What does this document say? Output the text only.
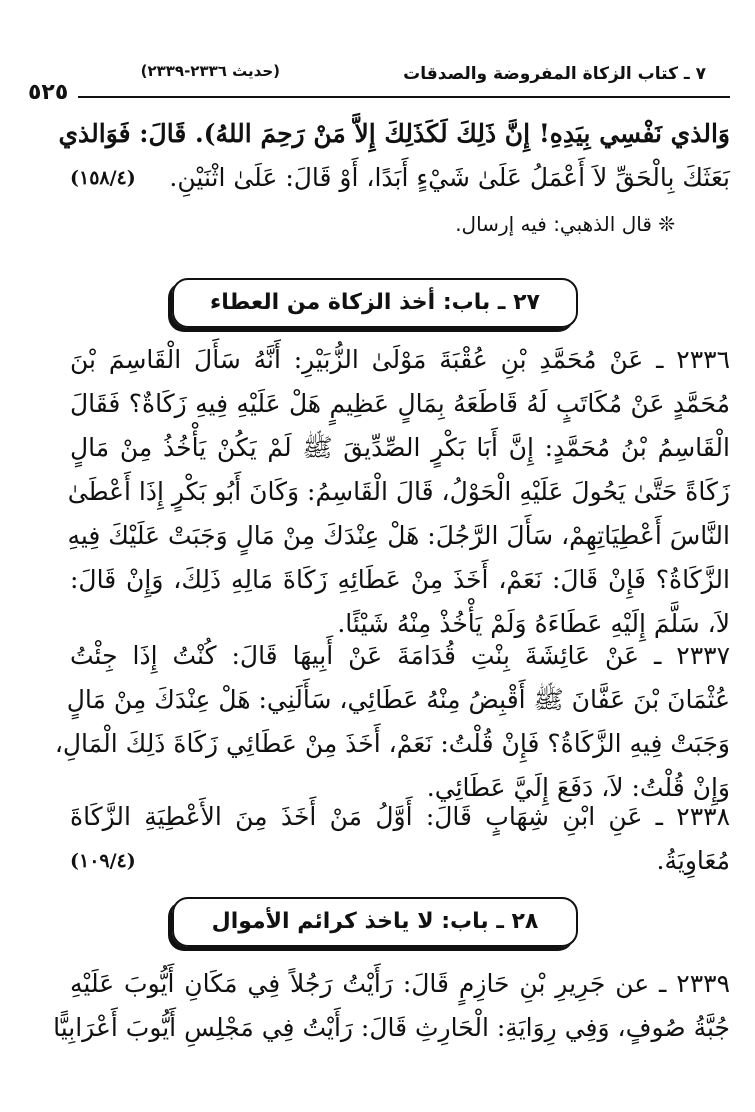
٧ ـ كتاب الزكاة المفروضة والصدقات
(حديث ٢٣٣٦-٢٣٣٩)
٥٢٥
وَالذي نَفْسِي بِيَدِهِ! إِنَّ ذَلِكَ لَكَذَلِكَ إِلاَّ مَنْ رَحِمَ اللهُ). قَالَ: فَوَالذي
بَعَثَكَ بِالْحَقِّ لاَ أَعْمَلُ عَلَىٰ شَيْءٍ أَبَدًا، أَوْ قَالَ: عَلَىٰ اثْنَيْنِ.
(١٥٨/٤)
❊ قال الذهبي: فيه إرسال.
٢٧ ـ باب: أخذ الزكاة من العطاء
٢٣٣٦ ـ عَنْ مُحَمَّدِ بْنِ عُقْبَةَ مَوْلَىٰ الزُّبَيْرِ: أَنَّهُ سَأَلَ الْقَاسِمَ بْنَ
مُحَمَّدٍ عَنْ مُكَاتَبٍ لَهُ قَاطَعَهُ بِمَالٍ عَظِيمٍ هَلْ عَلَيْهِ فِيهِ زَكَاةٌ؟ فَقَالَ
الْقَاسِمُ بْنُ مُحَمَّدٍ: إِنَّ أَبَا بَكْرٍ الصِّدِّيقَ ﷺ لَمْ يَكُنْ يَأْخُذُ مِنْ مَالٍ
زَكَاةً حَتَّىٰ يَحُولَ عَلَيْهِ الْحَوْلُ، قَالَ الْقَاسِمُ: وَكَانَ أَبُو بَكْرٍ إِذَا أَعْطَىٰ
النَّاسَ أَعْطِيَاتِهِمْ، سَأَلَ الرَّجُلَ: هَلْ عِنْدَكَ مِنْ مَالٍ وَجَبَتْ عَلَيْكَ فِيهِ
الزَّكَاةُ؟ فَإِنْ قَالَ: نَعَمْ، أَخَذَ مِنْ عَطَائِهِ زَكَاةَ مَالِهِ ذَلِكَ، وَإِنْ قَالَ:
لاَ، سَلَّمَ إِلَيْهِ عَطَاءَهُ وَلَمْ يَأْخُذْ مِنْهُ شَيْئًا.
٢٣٣٧ ـ عَنْ عَائِشَةَ بِنْتِ قُدَامَةَ عَنْ أَبِيهَا قَالَ: كُنْتُ إِذَا جِئْتُ
عُثْمَانَ بْنَ عَفَّانَ ﷺ أَقْبِضُ مِنْهُ عَطَائِي، سَأَلَنِي: هَلْ عِنْدَكَ مِنْ مَالٍ
وَجَبَتْ فِيهِ الزَّكَاةُ؟ فَإِنْ قُلْتُ: نَعَمْ، أَخَذَ مِنْ عَطَائِي زَكَاةَ ذَلِكَ الْمَالِ،
وَإِنْ قُلْتُ: لاَ، دَفَعَ إِلَيَّ عَطَائِي.
٢٣٣٨ ـ عَنِ ابْنِ شِهَابٍ قَالَ: أَوَّلُ مَنْ أَخَذَ مِنَ الأَعْطِيَةِ الزَّكَاةَ
مُعَاوِيَةُ.
(١٠٩/٤)
٢٨ ـ باب: لا ياخذ كرائم الأموال
٢٣٣٩ ـ عن جَرِيرِ بْنِ حَازِمٍ قَالَ: رَأَيْتُ رَجُلاً فِي مَكَانِ أَيُّوبَ عَلَيْهِ
جُبَّةُ صُوفٍ، وَفِي رِوَايَةِ: الْحَارِثِ قَالَ: رَأَيْتُ فِي مَجْلِسِ أَيُّوبَ أَعْرَابِيًّا
